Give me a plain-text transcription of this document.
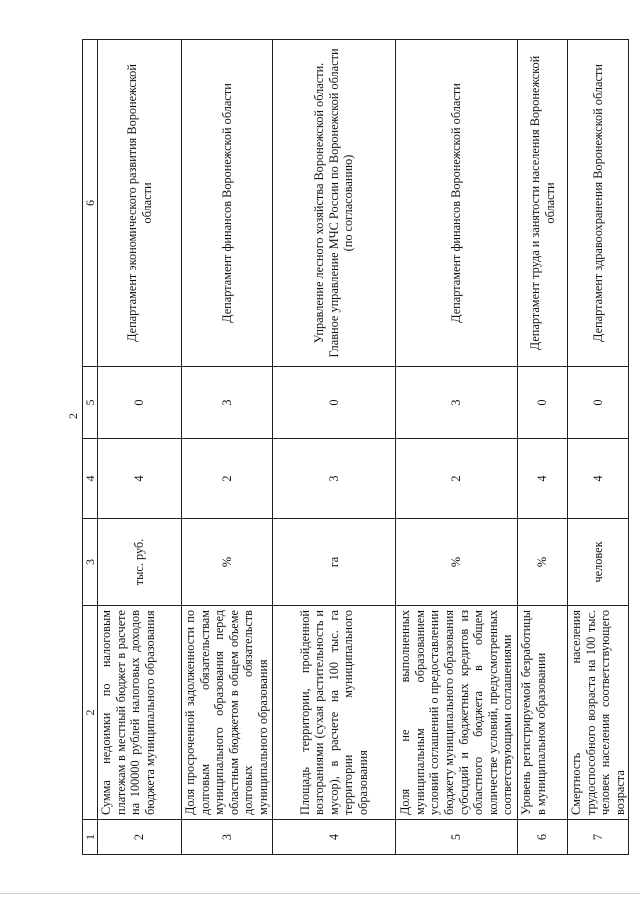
2
1	2	3	4	5	6
2	Сумма недоимки по налоговым платежам в местный бюджет в расчете на 100000 рублей налоговых доходов бюджета муниципального образования	тыс. руб.	4	0	Департамент экономического развития Воронежской области
3	Доля просроченной задолженности по долговым обязательствам муниципального образования перед областным бюджетом в общем объеме долговых обязательств муниципального образования	%	2	3	Департамент финансов Воронежской области
4	Площадь территории, пройденной возгораниями (сухая растительность и мусор), в расчете на 100 тыс. га территории муниципального образования	га	3	0	Управление лесного хозяйства Воронежской области. Главное управление МЧС России по Воронежской области (по согласованию)
5	Доля не выполненных муниципальным образованием условий соглашений о предоставлении бюджету муниципального образования субсидий и бюджетных кредитов из областного бюджета в общем количестве условий, предусмотренных соответствующими соглашениями	%	2	3	Департамент финансов Воронежской области
6	Уровень регистрируемой безработицы в муниципальном образовании	%	4	0	Департамент труда и занятости населения Воронежской области
7	Смертность населения трудоспособного возраста на 100 тыс. человек населения соответствующего возраста	человек	4	0	Департамент здравоохранения Воронежской области
